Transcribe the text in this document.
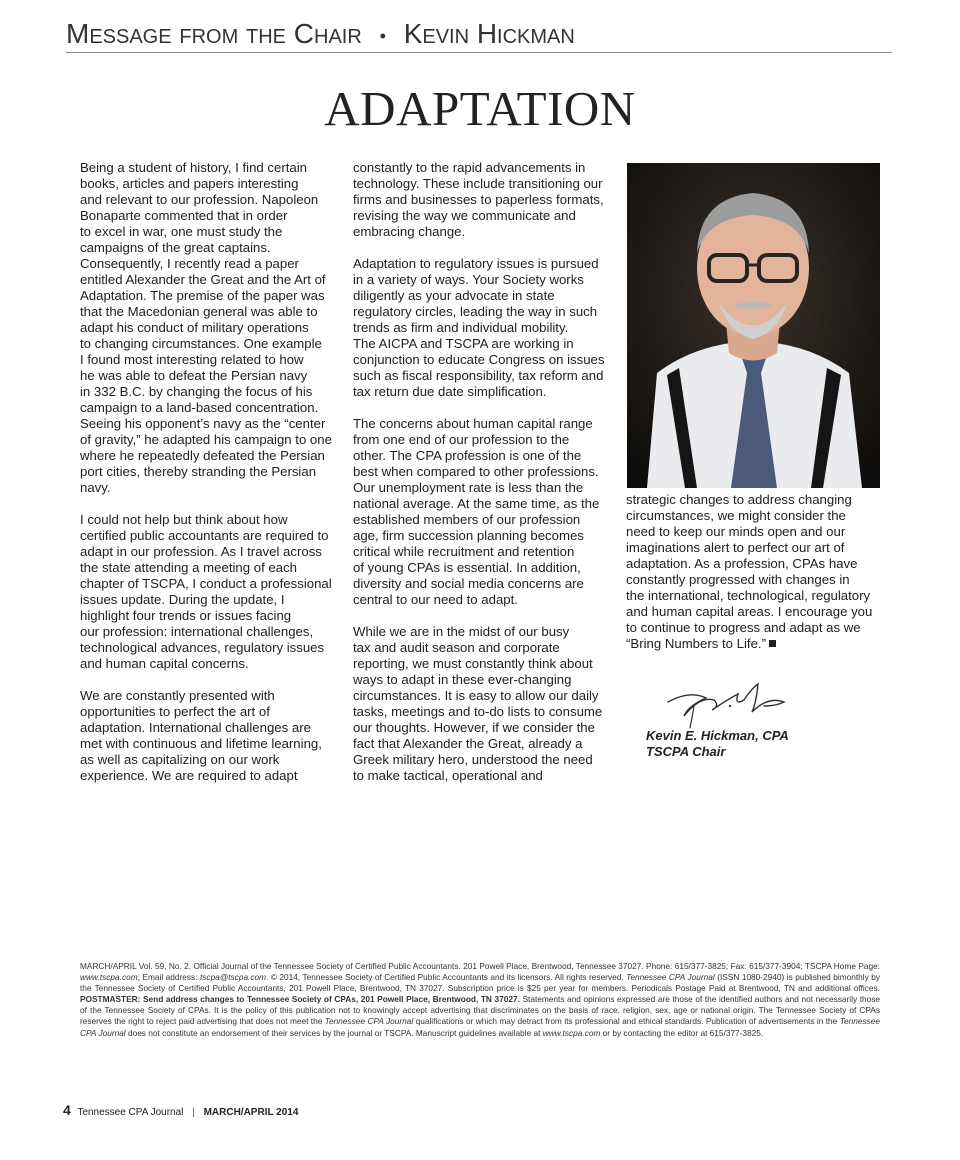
Message from the Chair • Kevin Hickman
ADAPTATION

Being a student of history, I find certain
books, articles and papers interesting
and relevant to our profession. Napoleon
Bonaparte commented that in order
to excel in war, one must study the
campaigns of the great captains.
Consequently, I recently read a paper
entitled Alexander the Great and the Art of
Adaptation. The premise of the paper was
that the Macedonian general was able to
adapt his conduct of military operations
to changing circumstances. One example
I found most interesting related to how
he was able to defeat the Persian navy
in 332 B.C. by changing the focus of his
campaign to a land-based concentration.
Seeing his opponent’s navy as the “center
of gravity,” he adapted his campaign to one
where he repeatedly defeated the Persian
port cities, thereby stranding the Persian
navy.

I could not help but think about how
certified public accountants are required to
adapt in our profession. As I travel across
the state attending a meeting of each
chapter of TSCPA, I conduct a professional
issues update. During the update, I
highlight four trends or issues facing
our profession: international challenges,
technological advances, regulatory issues
and human capital concerns.

We are constantly presented with
opportunities to perfect the art of
adaptation. International challenges are
met with continuous and lifetime learning,
as well as capitalizing on our work
experience. We are required to adapt

constantly to the rapid advancements in
technology. These include transitioning our
firms and businesses to paperless formats,
revising the way we communicate and
embracing change.

Adaptation to regulatory issues is pursued
in a variety of ways. Your Society works
diligently as your advocate in state
regulatory circles, leading the way in such
trends as firm and individual mobility.
The AICPA and TSCPA are working in
conjunction to educate Congress on issues
such as fiscal responsibility, tax reform and
tax return due date simplification.

The concerns about human capital range
from one end of our profession to the
other. The CPA profession is one of the
best when compared to other professions.
Our unemployment rate is less than the
national average. At the same time, as the
established members of our profession
age, firm succession planning becomes
critical while recruitment and retention
of young CPAs is essential. In addition,
diversity and social media concerns are
central to our need to adapt.

While we are in the midst of our busy
tax and audit season and corporate
reporting, we must constantly think about
ways to adapt in these ever-changing
circumstances. It is easy to allow our daily
tasks, meetings and to-do lists to consume
our thoughts. However, if we consider the
fact that Alexander the Great, already a
Greek military hero, understood the need
to make tactical, operational and

strategic changes to address changing
circumstances, we might consider the
need to keep our minds open and our
imaginations alert to perfect our art of
adaptation. As a profession, CPAs have
constantly progressed with changes in
the international, technological, regulatory
and human capital areas. I encourage you
to continue to progress and adapt as we
“Bring Numbers to Life.”

Kevin E. Hickman, CPA
TSCPA Chair
MARCH/APRIL Vol. 59, No. 2. Official Journal of the Tennessee Society of Certified Public Accountants. 201 Powell Place, Brentwood, Tennessee 37027. Phone: 615/377-3825; Fax: 615/377-3904; TSCPA Home Page: www.tscpa.com; Email address: tscpa@tscpa.com. © 2014, Tennessee Society of Certified Public Accountants and its licensors. All rights reserved. Tennessee CPA Journal (ISSN 1080-2940) is published bimonthly by the Tennessee Society of Certified Public Accountants, 201 Powell Place, Brentwood, TN 37027. Subscription price is $25 per year for members. Periodicals Postage Paid at Brentwood, TN and additional offices. POSTMASTER: Send address changes to Tennessee Society of CPAs, 201 Powell Place, Brentwood, TN 37027. Statements and opinions expressed are those of the identified authors and not necessarily those of the Tennessee Society of CPAs. It is the policy of this publication not to knowingly accept advertising that discriminates on the basis of race, religion, sex, age or national origin. The Tennessee Society of CPAs reserves the right to reject paid advertising that does not meet the Tennessee CPA Journal qualifications or which may detract from its professional and ethical standards. Publication of advertisements in the Tennessee CPA Journal does not constitute an endorsement of their services by the journal or TSCPA. Manuscript guidelines available at www.tscpa.com or by contacting the editor at 615/377-3825.
4 Tennessee CPA Journal | MARCH/APRIL 2014
